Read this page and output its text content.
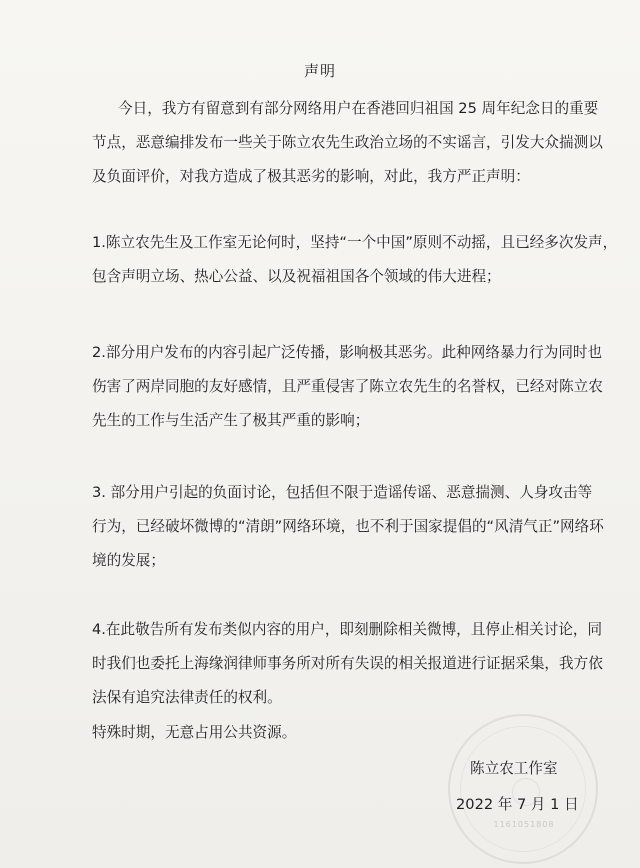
声明
今日，我方有留意到有部分网络用户在香港回归祖国 25 周年纪念日的重要
节点，恶意编排发布一些关于陈立农先生政治立场的不实谣言，引发大众揣测以
及负面评价，对我方造成了极其恶劣的影响，对此，我方严正声明：
1.陈立农先生及工作室无论何时，坚持“一个中国”原则不动摇，且已经多次发声，
包含声明立场、热心公益、以及祝福祖国各个领域的伟大进程；
2.部分用户发布的内容引起广泛传播，影响极其恶劣。此种网络暴力行为同时也
伤害了两岸同胞的友好感情，且严重侵害了陈立农先生的名誉权，已经对陈立农
先生的工作与生活产生了极其严重的影响；
3. 部分用户引起的负面讨论，包括但不限于造谣传谣、恶意揣测、人身攻击等
行为，已经破坏微博的“清朗”网络环境，也不利于国家提倡的“风清气正”网络环
境的发展；
4.在此敬告所有发布类似内容的用户，即刻删除相关微博，且停止相关讨论，同
时我们也委托上海缘润律师事务所对所有失误的相关报道进行证据采集，我方依
法保有追究法律责任的权利。
特殊时期，无意占用公共资源。
1161051808
陈立农工作室
2022 年 7 月 1 日
